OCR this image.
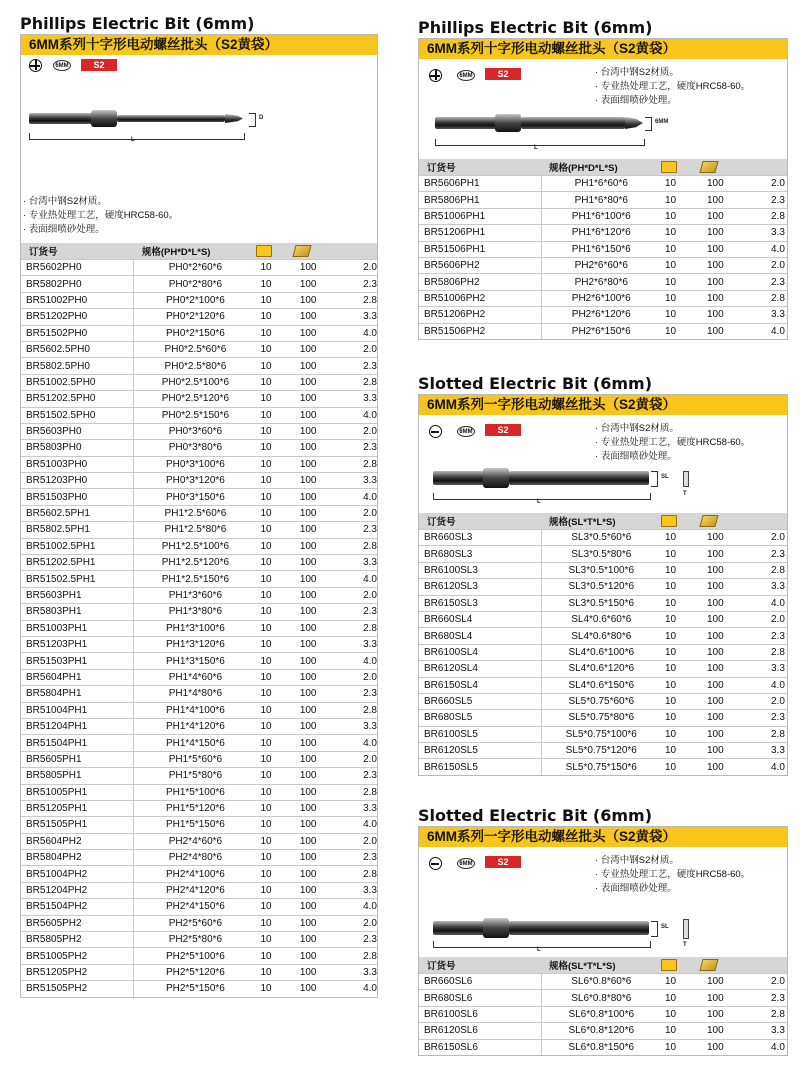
Phillips Electric Bit (6mm)
6MM系列十字形电动螺丝批头（S2黄袋）
6MM	S2
D
L
· 台湾中钢S2材质。
· 专业热处理工艺，硬度HRC58-60。
· 表面细喷砂处理。
订货号	规格(PH*D*L*S)			
BR5602PH0	PH0*2*60*6	10	100	2.0
BR5802PH0	PH0*2*80*6	10	100	2.3
BR51002PH0	PH0*2*100*6	10	100	2.8
BR51202PH0	PH0*2*120*6	10	100	3.3
BR51502PH0	PH0*2*150*6	10	100	4.0
BR5602.5PH0	PH0*2.5*60*6	10	100	2.0
BR5802.5PH0	PH0*2.5*80*6	10	100	2.3
BR51002.5PH0	PH0*2.5*100*6	10	100	2.8
BR51202.5PH0	PH0*2.5*120*6	10	100	3.3
BR51502.5PH0	PH0*2.5*150*6	10	100	4.0
BR5603PH0	PH0*3*60*6	10	100	2.0
BR5803PH0	PH0*3*80*6	10	100	2.3
BR51003PH0	PH0*3*100*6	10	100	2.8
BR51203PH0	PH0*3*120*6	10	100	3.3
BR51503PH0	PH0*3*150*6	10	100	4.0
BR5602.5PH1	PH1*2.5*60*6	10	100	2.0
BR5802.5PH1	PH1*2.5*80*6	10	100	2.3
BR51002.5PH1	PH1*2.5*100*6	10	100	2.8
BR51202.5PH1	PH1*2.5*120*6	10	100	3.3
BR51502.5PH1	PH1*2.5*150*6	10	100	4.0
BR5603PH1	PH1*3*60*6	10	100	2.0
BR5803PH1	PH1*3*80*6	10	100	2.3
BR51003PH1	PH1*3*100*6	10	100	2.8
BR51203PH1	PH1*3*120*6	10	100	3.3
BR51503PH1	PH1*3*150*6	10	100	4.0
BR5604PH1	PH1*4*60*6	10	100	2.0
BR5804PH1	PH1*4*80*6	10	100	2.3
BR51004PH1	PH1*4*100*6	10	100	2.8
BR51204PH1	PH1*4*120*6	10	100	3.3
BR51504PH1	PH1*4*150*6	10	100	4.0
BR5605PH1	PH1*5*60*6	10	100	2.0
BR5805PH1	PH1*5*80*6	10	100	2.3
BR51005PH1	PH1*5*100*6	10	100	2.8
BR51205PH1	PH1*5*120*6	10	100	3.3
BR51505PH1	PH1*5*150*6	10	100	4.0
BR5604PH2	PH2*4*60*6	10	100	2.0
BR5804PH2	PH2*4*80*6	10	100	2.3
BR51004PH2	PH2*4*100*6	10	100	2.8
BR51204PH2	PH2*4*120*6	10	100	3.3
BR51504PH2	PH2*4*150*6	10	100	4.0
BR5605PH2	PH2*5*60*6	10	100	2.0
BR5805PH2	PH2*5*80*6	10	100	2.3
BR51005PH2	PH2*5*100*6	10	100	2.8
BR51205PH2	PH2*5*120*6	10	100	3.3
BR51505PH2	PH2*5*150*6	10	100	4.0
Phillips Electric Bit (6mm)
6MM系列十字形电动螺丝批头（S2黄袋）
6MM	S2	· 台湾中钢S2材质。
· 专业热处理工艺，硬度HRC58-60。
· 表面细喷砂处理。
6MM
L
订货号	规格(PH*D*L*S)			
BR5606PH1	PH1*6*60*6	10	100	2.0
BR5806PH1	PH1*6*80*6	10	100	2.3
BR51006PH1	PH1*6*100*6	10	100	2.8
BR51206PH1	PH1*6*120*6	10	100	3.3
BR51506PH1	PH1*6*150*6	10	100	4.0
BR5606PH2	PH2*6*60*6	10	100	2.0
BR5806PH2	PH2*6*80*6	10	100	2.3
BR51006PH2	PH2*6*100*6	10	100	2.8
BR51206PH2	PH2*6*120*6	10	100	3.3
BR51506PH2	PH2*6*150*6	10	100	4.0
Slotted Electric Bit (6mm)
6MM系列一字形电动螺丝批头（S2黄袋）
6MM	S2	· 台湾中钢S2材质。
· 专业热处理工艺，硬度HRC58-60。
· 表面细喷砂处理。
SL
T
L
订货号	规格(SL*T*L*S)			
BR660SL3	SL3*0.5*60*6	10	100	2.0
BR680SL3	SL3*0.5*80*6	10	100	2.3
BR6100SL3	SL3*0.5*100*6	10	100	2.8
BR6120SL3	SL3*0.5*120*6	10	100	3.3
BR6150SL3	SL3*0.5*150*6	10	100	4.0
BR660SL4	SL4*0.6*60*6	10	100	2.0
BR680SL4	SL4*0.6*80*6	10	100	2.3
BR6100SL4	SL4*0.6*100*6	10	100	2.8
BR6120SL4	SL4*0.6*120*6	10	100	3.3
BR6150SL4	SL4*0.6*150*6	10	100	4.0
BR660SL5	SL5*0.75*60*6	10	100	2.0
BR680SL5	SL5*0.75*80*6	10	100	2.3
BR6100SL5	SL5*0.75*100*6	10	100	2.8
BR6120SL5	SL5*0.75*120*6	10	100	3.3
BR6150SL5	SL5*0.75*150*6	10	100	4.0
Slotted Electric Bit (6mm)
6MM系列一字形电动螺丝批头（S2黄袋）
6MM	S2	· 台湾中钢S2材质。
· 专业热处理工艺，硬度HRC58-60。
· 表面细喷砂处理。
SL
T
L
订货号	规格(SL*T*L*S)			
BR660SL6	SL6*0.8*60*6	10	100	2.0
BR680SL6	SL6*0.8*80*6	10	100	2.3
BR6100SL6	SL6*0.8*100*6	10	100	2.8
BR6120SL6	SL6*0.8*120*6	10	100	3.3
BR6150SL6	SL6*0.8*150*6	10	100	4.0
